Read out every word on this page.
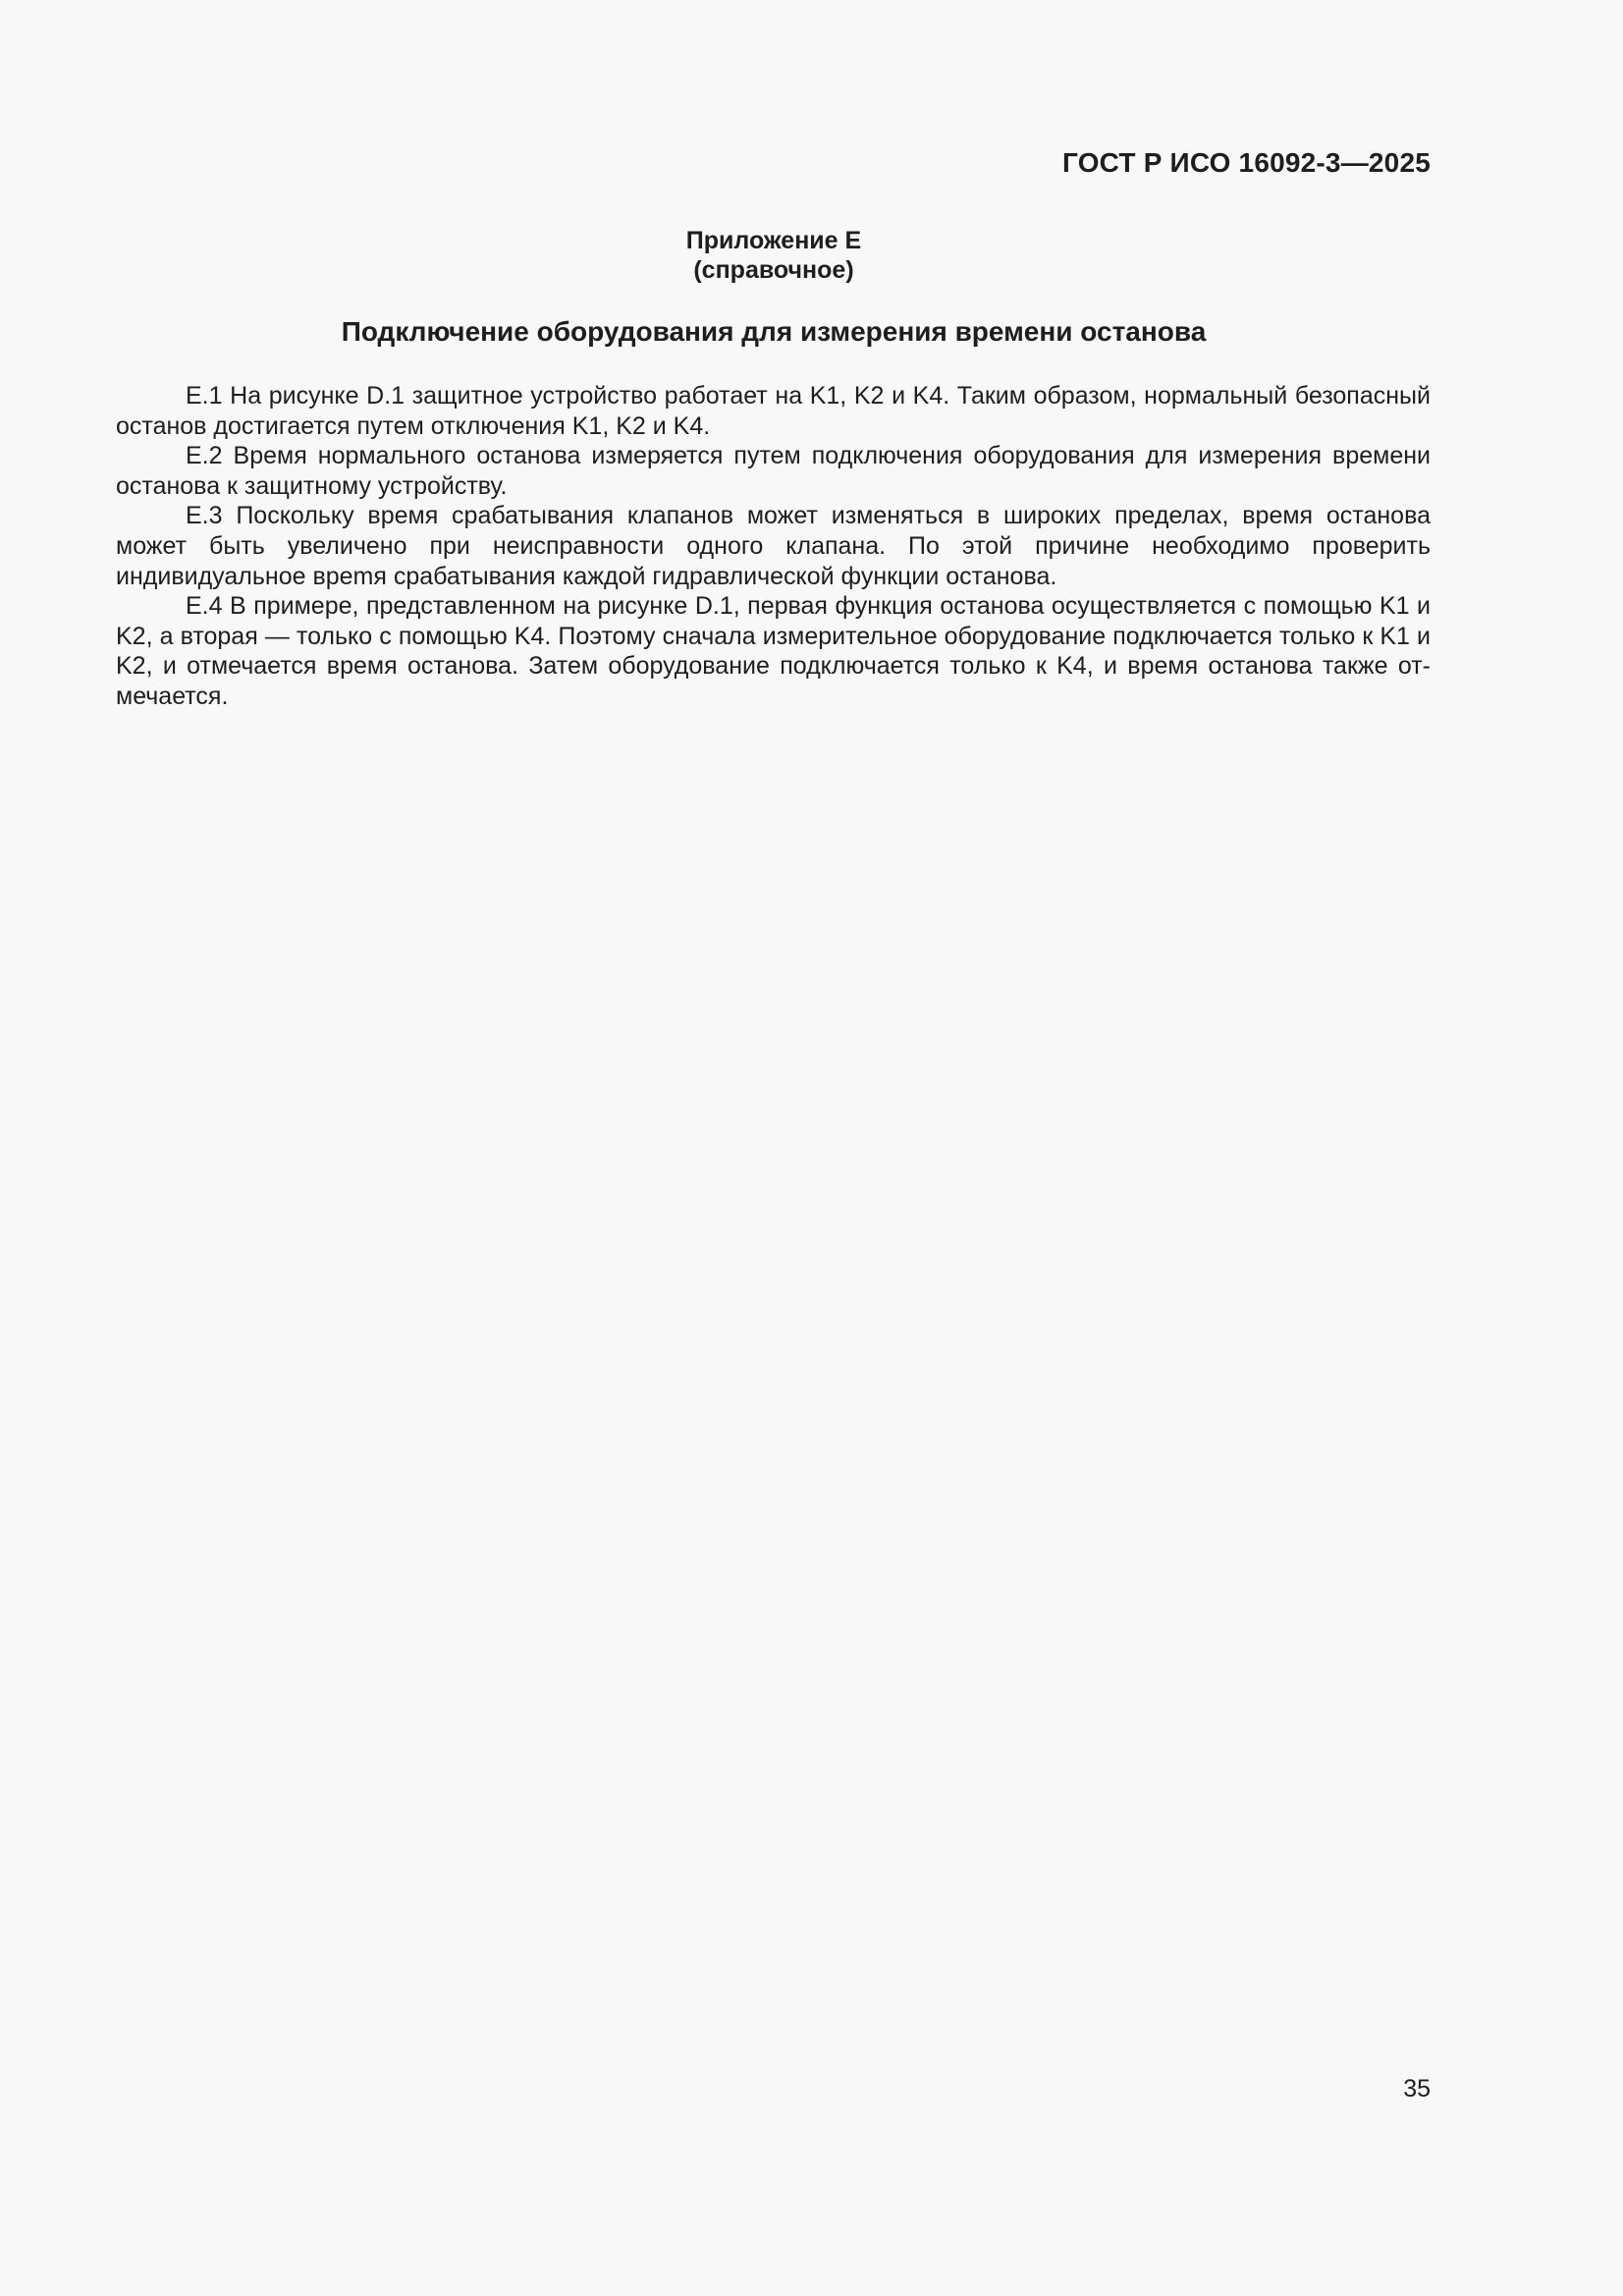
ГОСТ Р ИСО 16092-3—2025
Приложение Е
(справочное)
Подключение оборудования для измерения времени останова

Е.1 На рисунке D.1 защитное устройство работает на K1, K2 и K4. Таким образом, нормальный безопасный останов достигается путем отключения K1, K2 и K4.

Е.2 Время нормального останова измеряется путем подключения оборудования для измерения времени останова к защитному устройству.

Е.3 Поскольку время срабатывания клапанов может изменяться в широких пределах, время останова может быть увеличено при неисправности одного клапана. По этой причине необходимо проверить индивидуальное вреmя срабатывания каждой гидравлической функции останова.

Е.4 В примере, представленном на рисунке D.1, первая функция останова осуществляется с помощью K1 и K2, а вторая — только с помощью K4. Поэтому сначала измерительное оборудование подключается только к K1 и K2, и отмечается время останова. Затем оборудование подключается только к K4, и время останова также отмечается.

35
